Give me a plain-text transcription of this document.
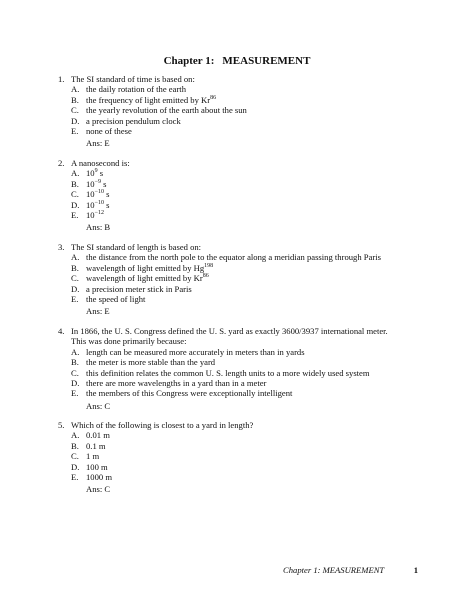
Chapter 1: MEASUREMENT
1. The SI standard of time is based on:
A. the daily rotation of the earth
B. the frequency of light emitted by Kr$^{86}$
C. the yearly revolution of the earth about the sun
D. a precision pendulum clock
E. none of these
Ans: E
2. A nanosecond is:
A. $10^9$ s
B. $10^{-9}$ s
C. $10^{-10}$ s
D. $10^{-10}$ s
E. $10^{-12}$
Ans: B
3. The SI standard of length is based on:
A. the distance from the north pole to the equator along a meridian passing through Paris
B. wavelength of light emitted by Hg$^{198}$
C. wavelength of light emitted by Kr$^{86}$
D. a precision meter stick in Paris
E. the speed of light
Ans: E
4. In 1866, the U. S. Congress defined the U. S. yard as exactly 3600/3937 international meter.
This was done primarily because:
A. length can be measured more accurately in meters than in yards
B. the meter is more stable than the yard
C. this definition relates the common U. S. length units to a more widely used system
D. there are more wavelengths in a yard than in a meter
E. the members of this Congress were exceptionally intelligent
Ans: C
5. Which of the following is closest to a yard in length?
A. 0.01 m
B. 0.1 m
C. 1 m
D. 100 m
E. 1000 m
Ans: C
Chapter 1: MEASUREMENT	1
